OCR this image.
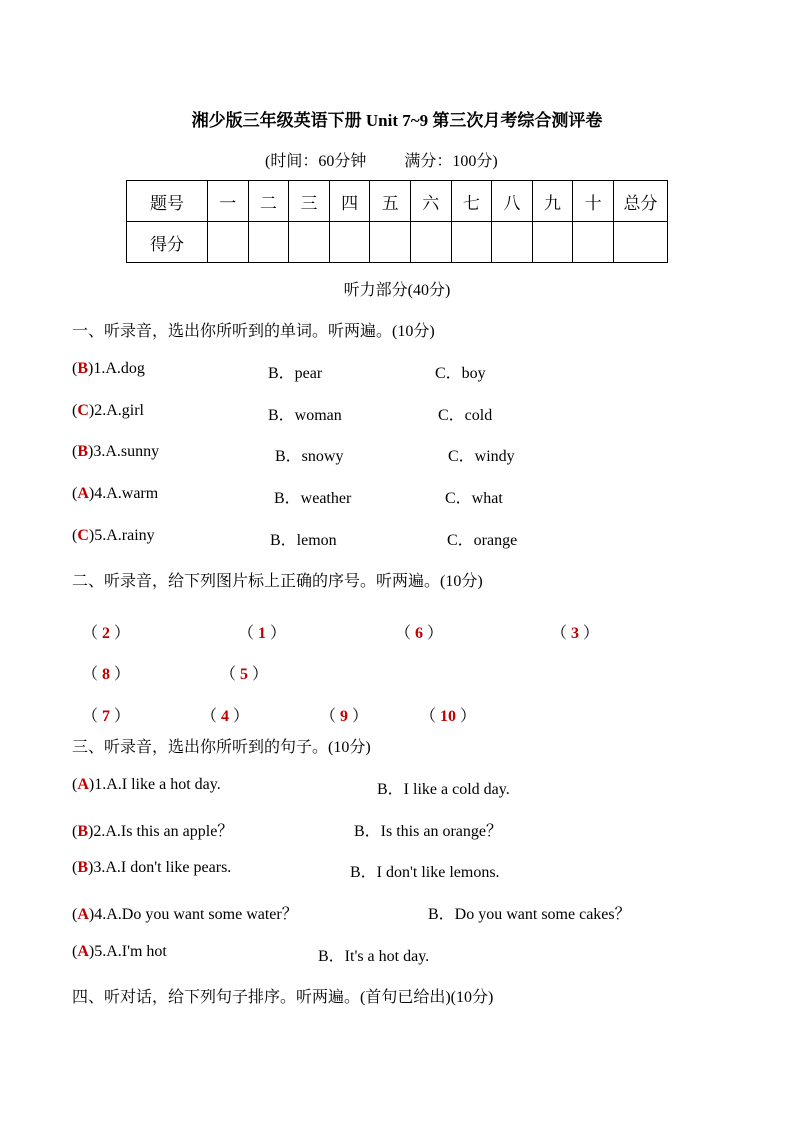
湘少版三年级英语下册 Unit 7~9 第三次月考综合测评卷
(时间：60分钟 满分：100分)
题号	一	二	三	四	五	六	七	八	九	十	总分
得分											
听力部分(40分)
一、听录音，选出你所听到的单词。听两遍。(10分)
(B)1.A.dog	B．pear	C．boy
(C)2.A.girl	B．woman	C．cold
(B)3.A.sunny	B．snowy	C．windy
(A)4.A.warm	B．weather	C．what
(C)5.A.rainy	B．lemon	C．orange
二、听录音，给下列图片标上正确的序号。听两遍。(10分)
（ 2 ）	（ 1 ）	（ 6 ）	（ 3 ）
（ 8 ）	（ 5 ）
（ 7 ）	（ 4 ）	（ 9 ）	（ 10 ）
三、听录音，选出你所听到的句子。(10分)
(A)1.A.I like a hot day.	B．I like a cold day.
(B)2.A.Is this an apple？	B．Is this an orange？
(B)3.A.I don't like pears.	B．I don't like lemons.
(A)4.A.Do you want some water？	B．Do you want some cakes？
(A)5.A.I'm hot	B．It's a hot day.
四、听对话，给下列句子排序。听两遍。(首句已给出)(10分)
